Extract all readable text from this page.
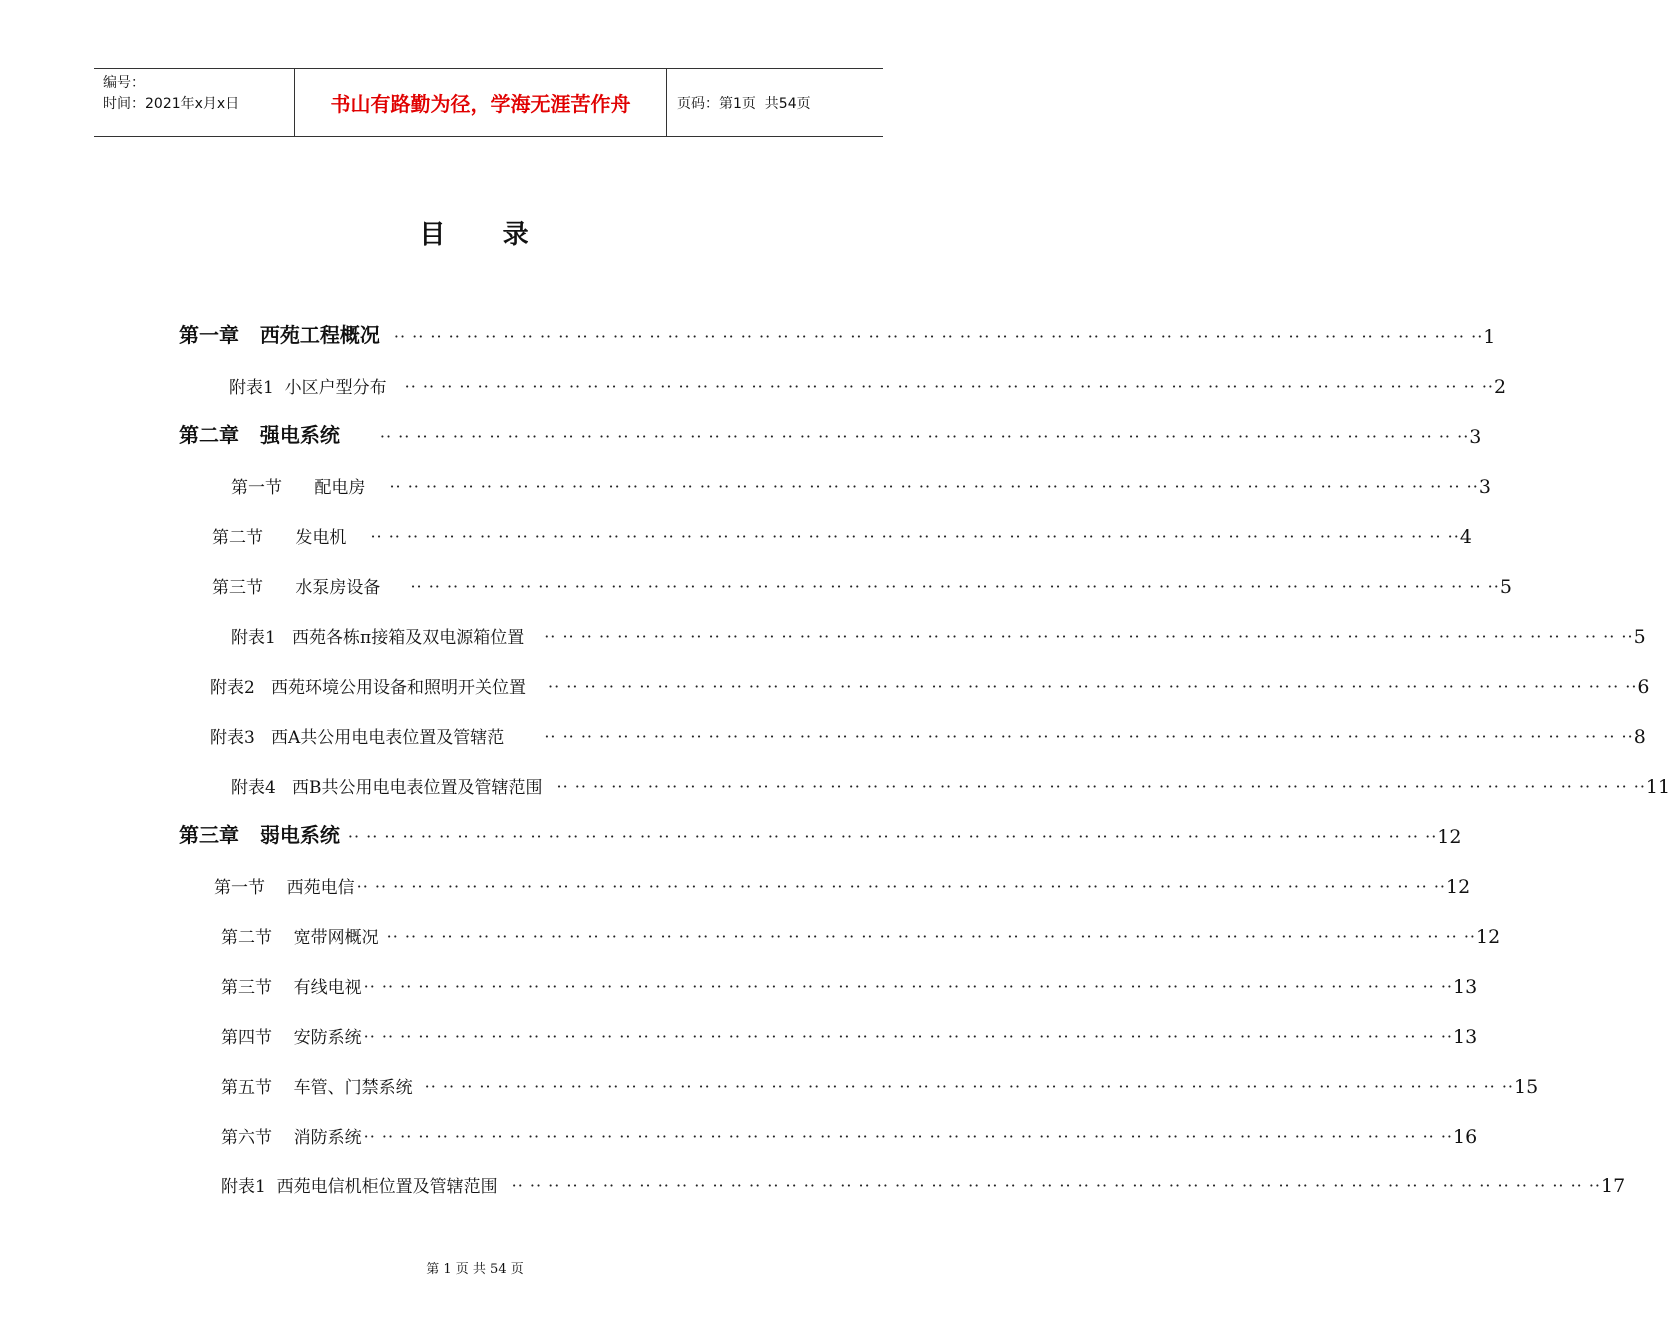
编号：
时间：2021年x月x日	书山有路勤为径，学海无涯苦作舟	页码：第1页  共54页
目     录
第一章   西苑工程概况 ·· ·· ·· ·· ·· ·· ·· ·· ·· ·· ·· ·· ·· ·· ·· ·· ·· ·· ·· ·· ·· ·· ·· ·· ·· ·· ·· ·· ·· ·· ·· ·· ·· ·· ·· ·· ·· ·· ·· ·· ·· ·· ·· ·· ·· ·· ·· ·· ·· ·· ·· ·· ·· ·· ·· ·· ·· ·· ·· ·· 1
附表1  小区户型分布 ·· ·· ·· ·· ·· ·· ·· ·· ·· ·· ·· ·· ·· ·· ·· ·· ·· ·· ·· ·· ·· ·· ·· ·· ·· ·· ·· ·· ·· ·· ·· ·· ·· ·· ·· ·· ·· ·· ·· ·· ·· ·· ·· ·· ·· ·· ·· ·· ·· ·· ·· ·· ·· ·· ·· ·· ·· ·· ·· ·· 2
第二章   强电系统	·· ·· ·· ·· ·· ·· ·· ·· ·· ·· ·· ·· ·· ·· ·· ·· ·· ·· ·· ·· ·· ·· ·· ·· ·· ·· ·· ·· ·· ·· ·· ·· ·· ·· ·· ·· ·· ·· ·· ·· ·· ·· ·· ·· ·· ·· ·· ·· ·· ·· ·· ·· ·· ·· ·· ·· ·· ·· ·· ·· 3
第一节      配电房 ·· ·· ·· ·· ·· ·· ·· ·· ·· ·· ·· ·· ·· ·· ·· ·· ·· ·· ·· ·· ·· ·· ·· ·· ·· ·· ·· ·· ·· ·· ·· ·· ·· ·· ·· ·· ·· ·· ·· ·· ·· ·· ·· ·· ·· ·· ·· ·· ·· ·· ·· ·· ·· ·· ·· ·· ·· ·· ·· ·· 3
第二节      发电机 ·· ·· ·· ·· ·· ·· ·· ·· ·· ·· ·· ·· ·· ·· ·· ·· ·· ·· ·· ·· ·· ·· ·· ·· ·· ·· ·· ·· ·· ·· ·· ·· ·· ·· ·· ·· ·· ·· ·· ·· ·· ·· ·· ·· ·· ·· ·· ·· ·· ·· ·· ·· ·· ·· ·· ·· ·· ·· ·· ·· 4
第三节      水泵房设备 ·· ·· ·· ·· ·· ·· ·· ·· ·· ·· ·· ·· ·· ·· ·· ·· ·· ·· ·· ·· ·· ·· ·· ·· ·· ·· ·· ·· ·· ·· ·· ·· ·· ·· ·· ·· ·· ·· ·· ·· ·· ·· ·· ·· ·· ·· ·· ·· ·· ·· ·· ·· ·· ·· ·· ·· ·· ·· ·· ·· 5
附表1   西苑各栋π接箱及双电源箱位置 ·· ·· ·· ·· ·· ·· ·· ·· ·· ·· ·· ·· ·· ·· ·· ·· ·· ·· ·· ·· ·· ·· ·· ·· ·· ·· ·· ·· ·· ·· ·· ·· ·· ·· ·· ·· ·· ·· ·· ·· ·· ·· ·· ·· ·· ·· ·· ·· ·· ·· ·· ·· ·· ·· ·· ·· ·· ·· ·· ·· 5
附表2   西苑环境公用设备和照明开关位置 ·· ·· ·· ·· ·· ·· ·· ·· ·· ·· ·· ·· ·· ·· ·· ·· ·· ·· ·· ·· ·· ·· ·· ·· ·· ·· ·· ·· ·· ·· ·· ·· ·· ·· ·· ·· ·· ·· ·· ·· ·· ·· ·· ·· ·· ·· ·· ·· ·· ·· ·· ·· ·· ·· ·· ·· ·· ·· ·· ·· 6
附表3   西A共公用电电表位置及管辖范	·· ·· ·· ·· ·· ·· ·· ·· ·· ·· ·· ·· ·· ·· ·· ·· ·· ·· ·· ·· ·· ·· ·· ·· ·· ·· ·· ·· ·· ·· ·· ·· ·· ·· ·· ·· ·· ·· ·· ·· ·· ·· ·· ·· ·· ·· ·· ·· ·· ·· ·· ·· ·· ·· ·· ·· ·· ·· ·· ·· 8
附表4   西B共公用电电表位置及管辖范围 ·· ·· ·· ·· ·· ·· ·· ·· ·· ·· ·· ·· ·· ·· ·· ·· ·· ·· ·· ·· ·· ·· ·· ·· ·· ·· ·· ·· ·· ·· ·· ·· ·· ·· ·· ·· ·· ·· ·· ·· ·· ·· ·· ·· ·· ·· ·· ·· ·· ·· ·· ·· ·· ·· ·· ·· ·· ·· ·· ·· 11
第三章   弱电系统 ·· ·· ·· ·· ·· ·· ·· ·· ·· ·· ·· ·· ·· ·· ·· ·· ·· ·· ·· ·· ·· ·· ·· ·· ·· ·· ·· ·· ·· ·· ·· ·· ·· ·· ·· ·· ·· ·· ·· ·· ·· ·· ·· ·· ·· ·· ·· ·· ·· ·· ·· ·· ·· ·· ·· ·· ·· ·· ·· ·· 12
第一节    西苑电信 ·· ·· ·· ·· ·· ·· ·· ·· ·· ·· ·· ·· ·· ·· ·· ·· ·· ·· ·· ·· ·· ·· ·· ·· ·· ·· ·· ·· ·· ·· ·· ·· ·· ·· ·· ·· ·· ·· ·· ·· ·· ·· ·· ·· ·· ·· ·· ·· ·· ·· ·· ·· ·· ·· ·· ·· ·· ·· ·· ·· 12
第二节    宽带网概况 ·· ·· ·· ·· ·· ·· ·· ·· ·· ·· ·· ·· ·· ·· ·· ·· ·· ·· ·· ·· ·· ·· ·· ·· ·· ·· ·· ·· ·· ·· ·· ·· ·· ·· ·· ·· ·· ·· ·· ·· ·· ·· ·· ·· ·· ·· ·· ·· ·· ·· ·· ·· ·· ·· ·· ·· ·· ·· ·· ·· 12
第三节    有线电视 ·· ·· ·· ·· ·· ·· ·· ·· ·· ·· ·· ·· ·· ·· ·· ·· ·· ·· ·· ·· ·· ·· ·· ·· ·· ·· ·· ·· ·· ·· ·· ·· ·· ·· ·· ·· ·· ·· ·· ·· ·· ·· ·· ·· ·· ·· ·· ·· ·· ·· ·· ·· ·· ·· ·· ·· ·· ·· ·· ·· 13
第四节    安防系统 ·· ·· ·· ·· ·· ·· ·· ·· ·· ·· ·· ·· ·· ·· ·· ·· ·· ·· ·· ·· ·· ·· ·· ·· ·· ·· ·· ·· ·· ·· ·· ·· ·· ·· ·· ·· ·· ·· ·· ·· ·· ·· ·· ·· ·· ·· ·· ·· ·· ·· ·· ·· ·· ·· ·· ·· ·· ·· ·· ·· 13
第五节    车管、门禁系统 ·· ·· ·· ·· ·· ·· ·· ·· ·· ·· ·· ·· ·· ·· ·· ·· ·· ·· ·· ·· ·· ·· ·· ·· ·· ·· ·· ·· ·· ·· ·· ·· ·· ·· ·· ·· ·· ·· ·· ·· ·· ·· ·· ·· ·· ·· ·· ·· ·· ·· ·· ·· ·· ·· ·· ·· ·· ·· ·· ·· 15
第六节    消防系统 ·· ·· ·· ·· ·· ·· ·· ·· ·· ·· ·· ·· ·· ·· ·· ·· ·· ·· ·· ·· ·· ·· ·· ·· ·· ·· ·· ·· ·· ·· ·· ·· ·· ·· ·· ·· ·· ·· ·· ·· ·· ·· ·· ·· ·· ·· ·· ·· ·· ·· ·· ·· ·· ·· ·· ·· ·· ·· ·· ·· 16
附表1  西苑电信机柜位置及管辖范围 ·· ·· ·· ·· ·· ·· ·· ·· ·· ·· ·· ·· ·· ·· ·· ·· ·· ·· ·· ·· ·· ·· ·· ·· ·· ·· ·· ·· ·· ·· ·· ·· ·· ·· ·· ·· ·· ·· ·· ·· ·· ·· ·· ·· ·· ·· ·· ·· ·· ·· ·· ·· ·· ·· ·· ·· ·· ·· ·· ·· 17
第 1 页 共 54 页
